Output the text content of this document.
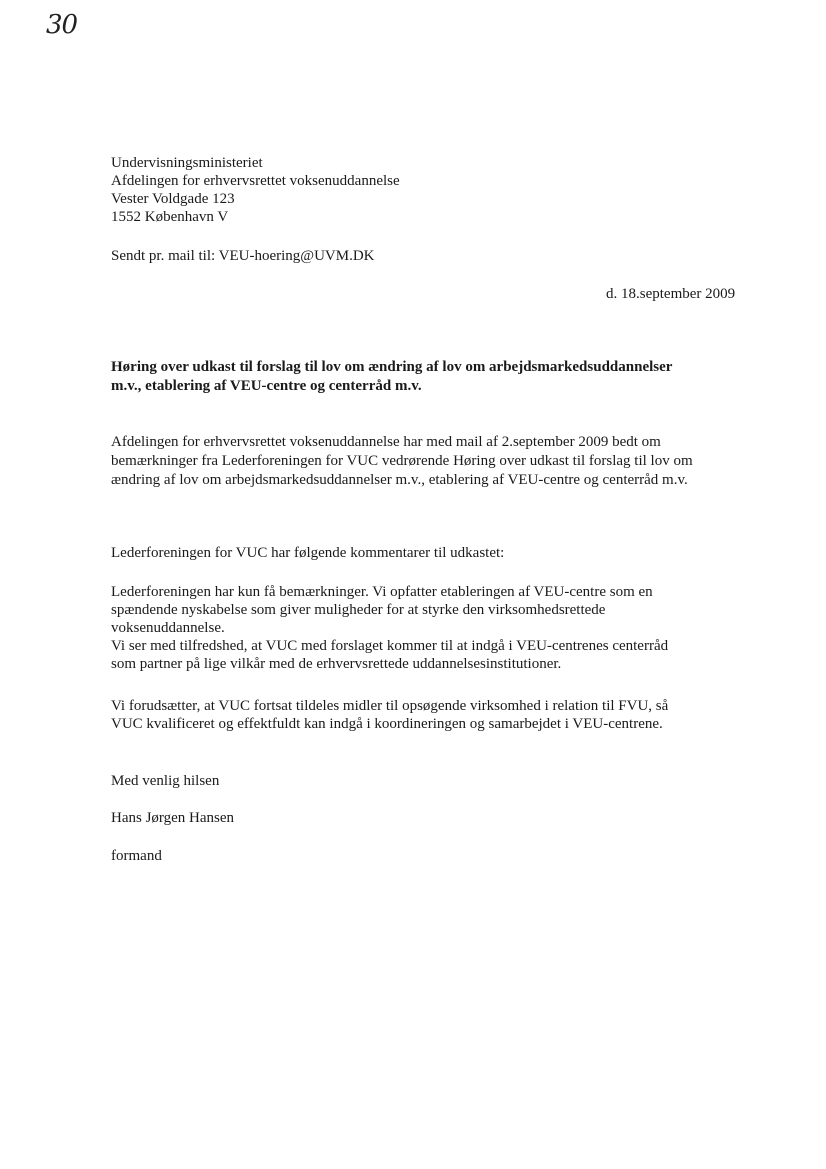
30
Undervisningsministeriet
Afdelingen for erhvervsrettet voksenuddannelse
Vester Voldgade 123
1552 København V
Sendt pr. mail til: VEU-hoering@UVM.DK
d. 18.september 2009
Høring over udkast til forslag til lov om ændring af lov om arbejdsmarkedsuddannelser
m.v., etablering af VEU-centre og centerråd m.v.
Afdelingen for erhvervsrettet voksenuddannelse har med mail af 2.september 2009 bedt om
bemærkninger fra Lederforeningen for VUC vedrørende Høring over udkast til forslag til lov om
ændring af lov om arbejdsmarkedsuddannelser m.v., etablering af VEU-centre og centerråd m.v.
Lederforeningen for VUC har følgende kommentarer til udkastet:
Lederforeningen har kun få bemærkninger. Vi opfatter etableringen af VEU-centre som en
spændende nyskabelse som giver muligheder for at styrke den virksomhedsrettede
voksenuddannelse.
Vi ser med tilfredshed, at VUC med forslaget kommer til at indgå i VEU-centrenes centerråd
som partner på lige vilkår med de erhvervsrettede uddannelsesinstitutioner.
Vi forudsætter, at VUC fortsat tildeles midler til opsøgende virksomhed i relation til FVU, så
VUC kvalificeret og effektfuldt kan indgå i koordineringen og samarbejdet i VEU-centrene.
Med venlig hilsen
Hans Jørgen Hansen
formand
